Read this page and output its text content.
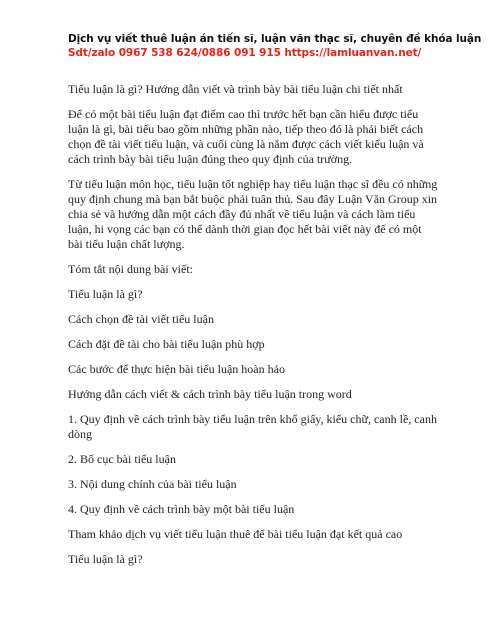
Dịch vụ viết thuê luận án tiến sĩ, luận văn thạc sĩ, chuyên đề khóa luận
Sdt/zalo 0967 538 624/0886 091 915 https://lamluanvan.net/

Tiểu luận là gì? Hướng dẫn viết và trình bày bài tiểu luận chi tiết nhất

Để có một bài tiểu luận đạt điểm cao thì trước hết bạn cần hiểu được tiểu luận là gì, bài tiểu bao gồm những phần nào, tiếp theo đó là phải biết cách chọn đề tài viết tiểu luận, và cuối cùng là nắm được cách viết kiểu luận và cách trình bày bài tiểu luận đúng theo quy định của trường.

Từ tiểu luận môn học, tiểu luận tốt nghiệp hay tiểu luận thạc sĩ đều có những quy định chung mà bạn bắt buộc phải tuân thủ. Sau đây Luận Văn Group xin chia sẻ và hướng dẫn một cách đầy đủ nhất về tiểu luận và cách làm tiểu luận, hi vọng các bạn có thể dành thời gian đọc hết bài viết này để có một bài tiểu luận chất lượng.

Tóm tắt nội dung bài viết:

Tiểu luận là gì?

Cách chọn đề tài viết tiểu luận

Cách đặt đề tài cho bài tiểu luận phù hợp

Các bước để thực hiện bài tiểu luận hoàn hảo

Hướng dẫn cách viết & cách trình bày tiểu luận trong word

1. Quy định về cách trình bày tiểu luận trên khổ giấy, kiểu chữ, canh lề, canh dòng

2. Bố cục bài tiểu luận

3. Nội dung chính của bài tiểu luận

4. Quy định về cách trình bày một bài tiểu luận

Tham khảo dịch vụ viết tiểu luận thuê để bài tiểu luận đạt kết quả cao

Tiểu luận là gì?
